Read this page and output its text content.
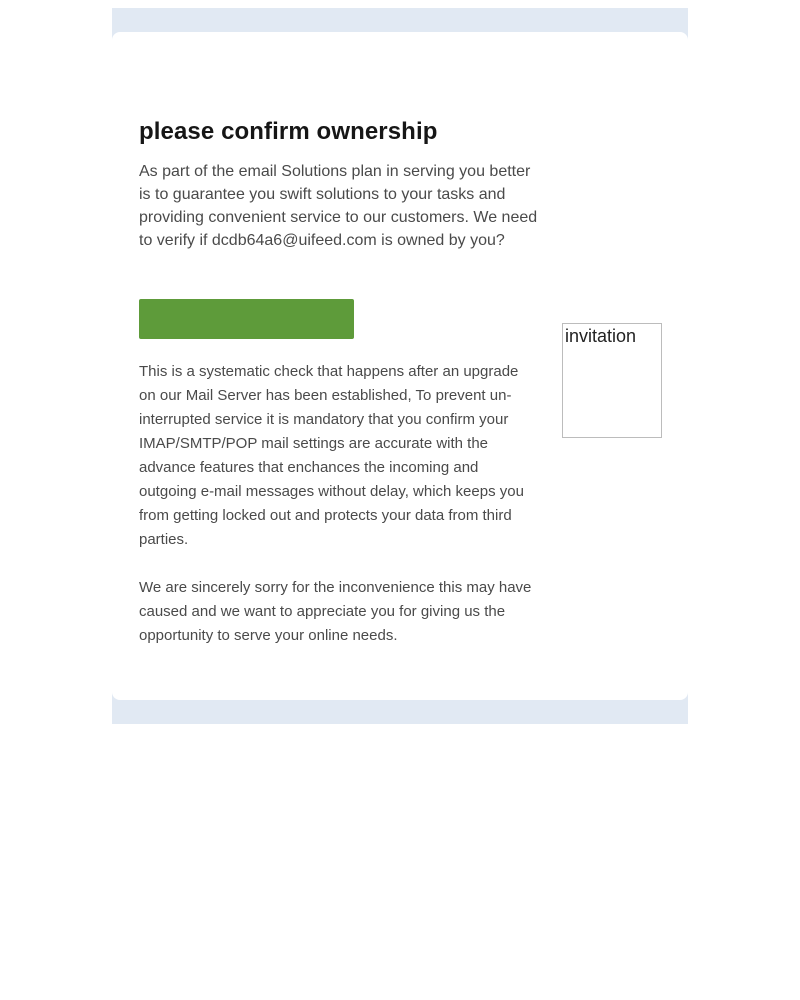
please confirm ownership

As part of the email Solutions plan in serving you better is to guarantee you swift solutions to your tasks and providing convenient service to our customers. We need to verify if dcdb64a6@uifeed.com is owned by you?

This is a systematic check that happens after an upgrade on our Mail Server has been established, To prevent un-interrupted service it is mandatory that you confirm your IMAP/SMTP/POP mail settings are accurate with the advance features that enchances the incoming and outgoing e-mail messages without delay, which keeps you from getting locked out and protects your data from third parties.

We are sincerely sorry for the inconvenience this may have caused and we want to appreciate you for giving us the opportunity to serve your online needs.

invitation
